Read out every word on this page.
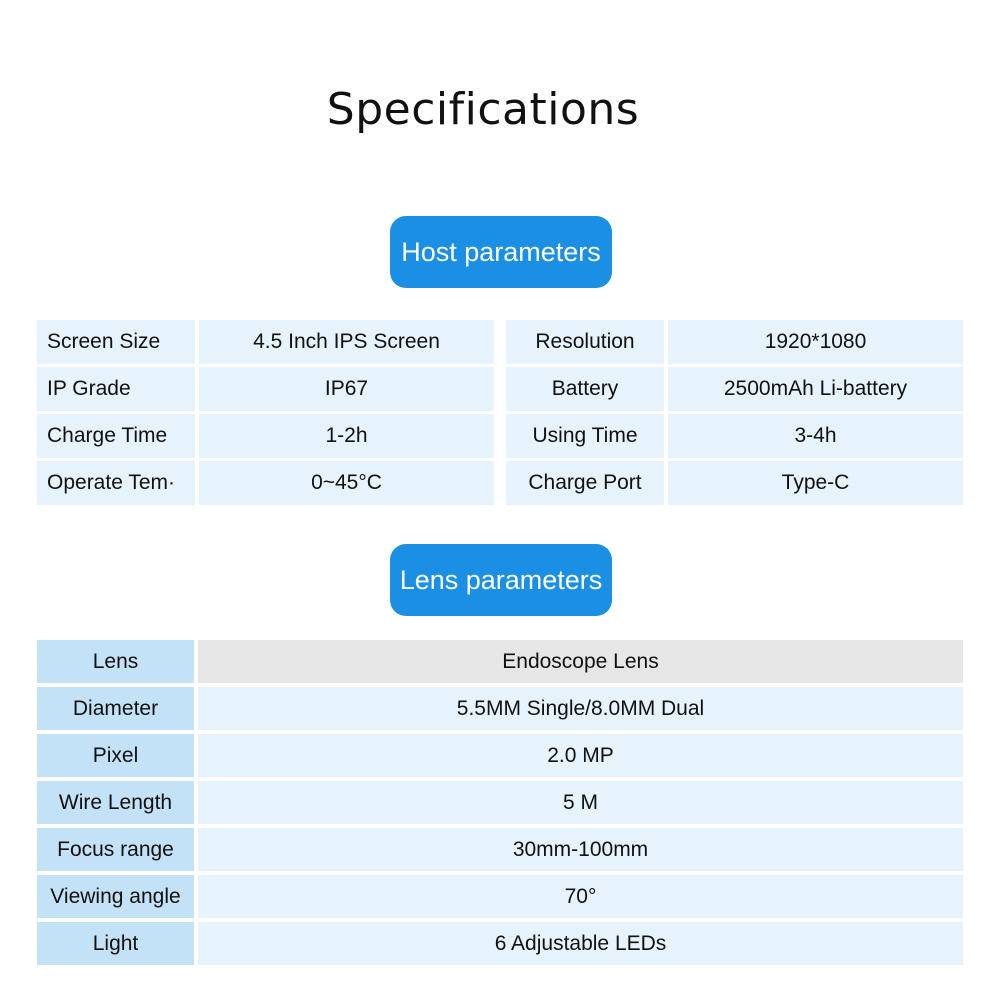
Specifications
Host parameters
Screen Size	4.5 Inch IPS Screen	Resolution	1920*1080
IP Grade	IP67	Battery	2500mAh Li-battery
Charge Time	1-2h	Using Time	3-4h
Operate Tem·	0~45°C	Charge Port	Type-C
Lens parameters
Lens	Endoscope Lens
Diameter	5.5MM Single/8.0MM Dual
Pixel	2.0 MP
Wire Length	5 M
Focus range	30mm-100mm
Viewing angle	70°
Light	6 Adjustable LEDs
